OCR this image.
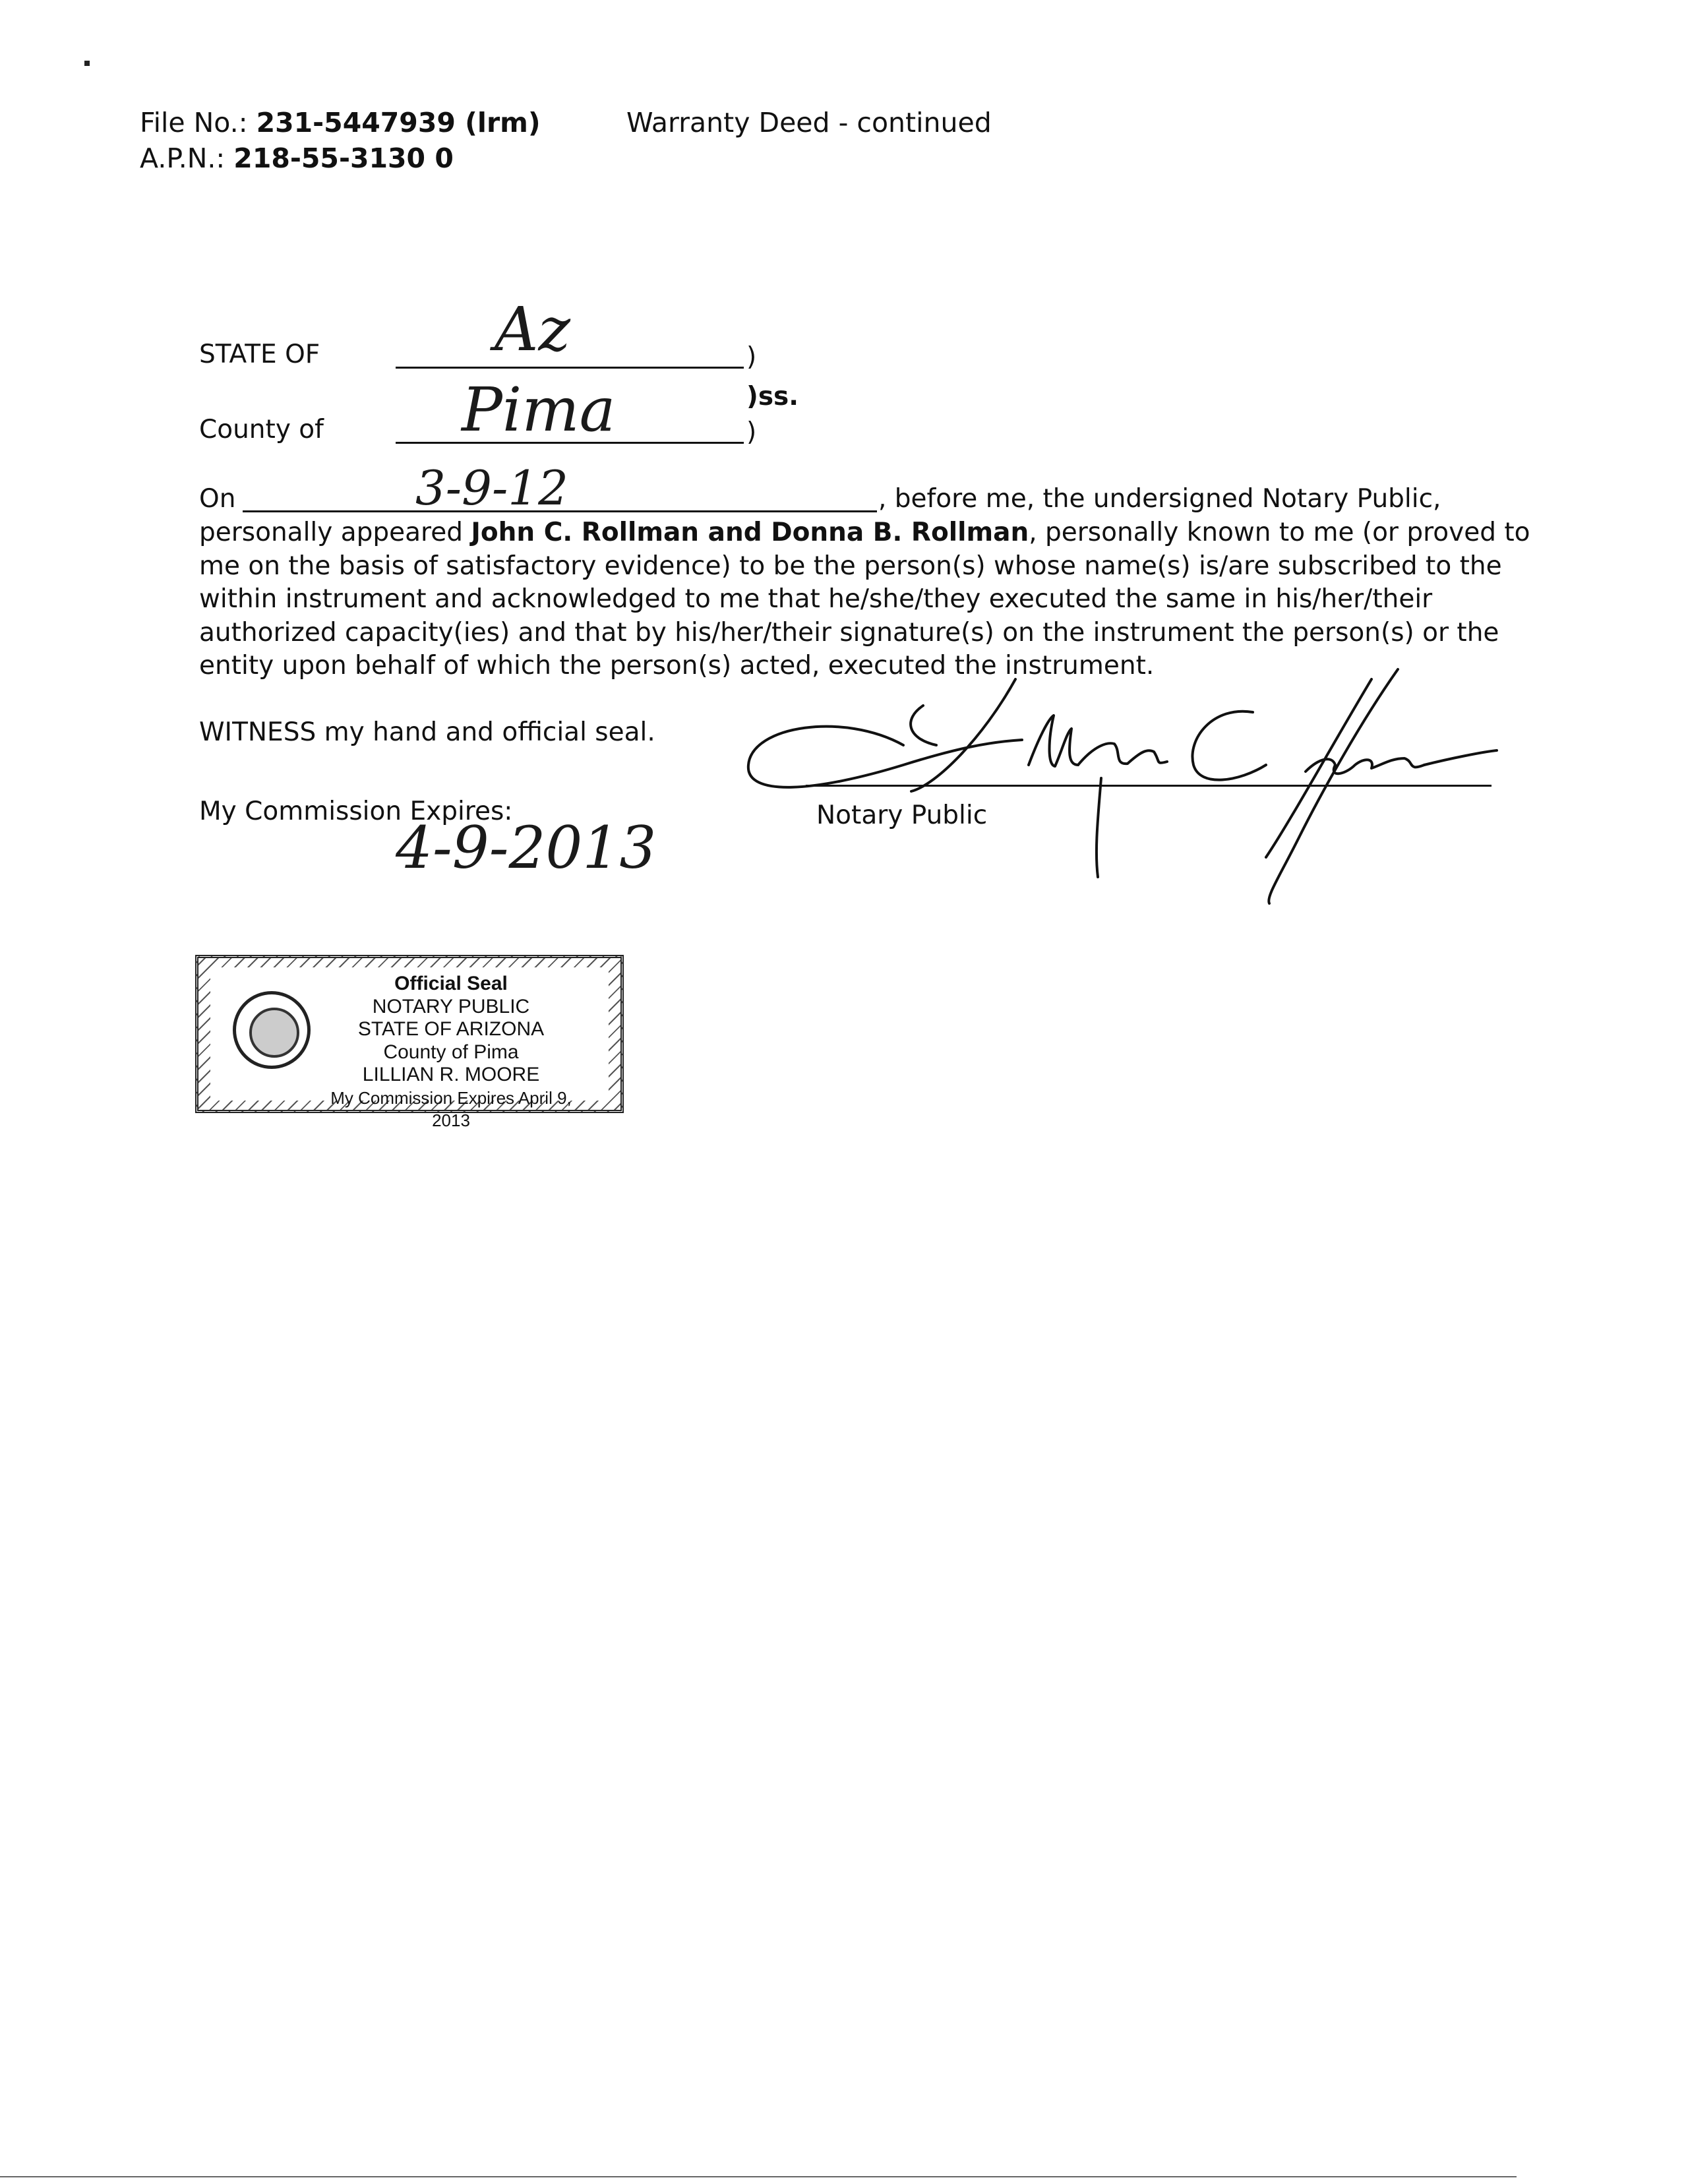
File No.: 231-5447939 (lrm)
A.P.N.: 218-55-3130 0
Warranty Deed - continued
STATE OF	Az	)
)ss.
County of Pima	)
On	3-9-12	, before me, the undersigned Notary Public,
personally appeared John C. Rollman and Donna B. Rollman, personally known to me (or proved to
me on the basis of satisfactory evidence) to be the person(s) whose name(s) is/are subscribed to the
within instrument and acknowledged to me that he/she/they executed the same in his/her/their
authorized capacity(ies) and that by his/her/their signature(s) on the instrument the person(s) or the
entity upon behalf of which the person(s) acted, executed the instrument.
WITNESS my hand and official seal.
My Commission Expires:
4-9-2013	Notary Public
Official Seal
NOTARY PUBLIC
STATE OF ARIZONA
County of Pima
LILLIAN R. MOORE
My Commission Expires April 9, 2013
